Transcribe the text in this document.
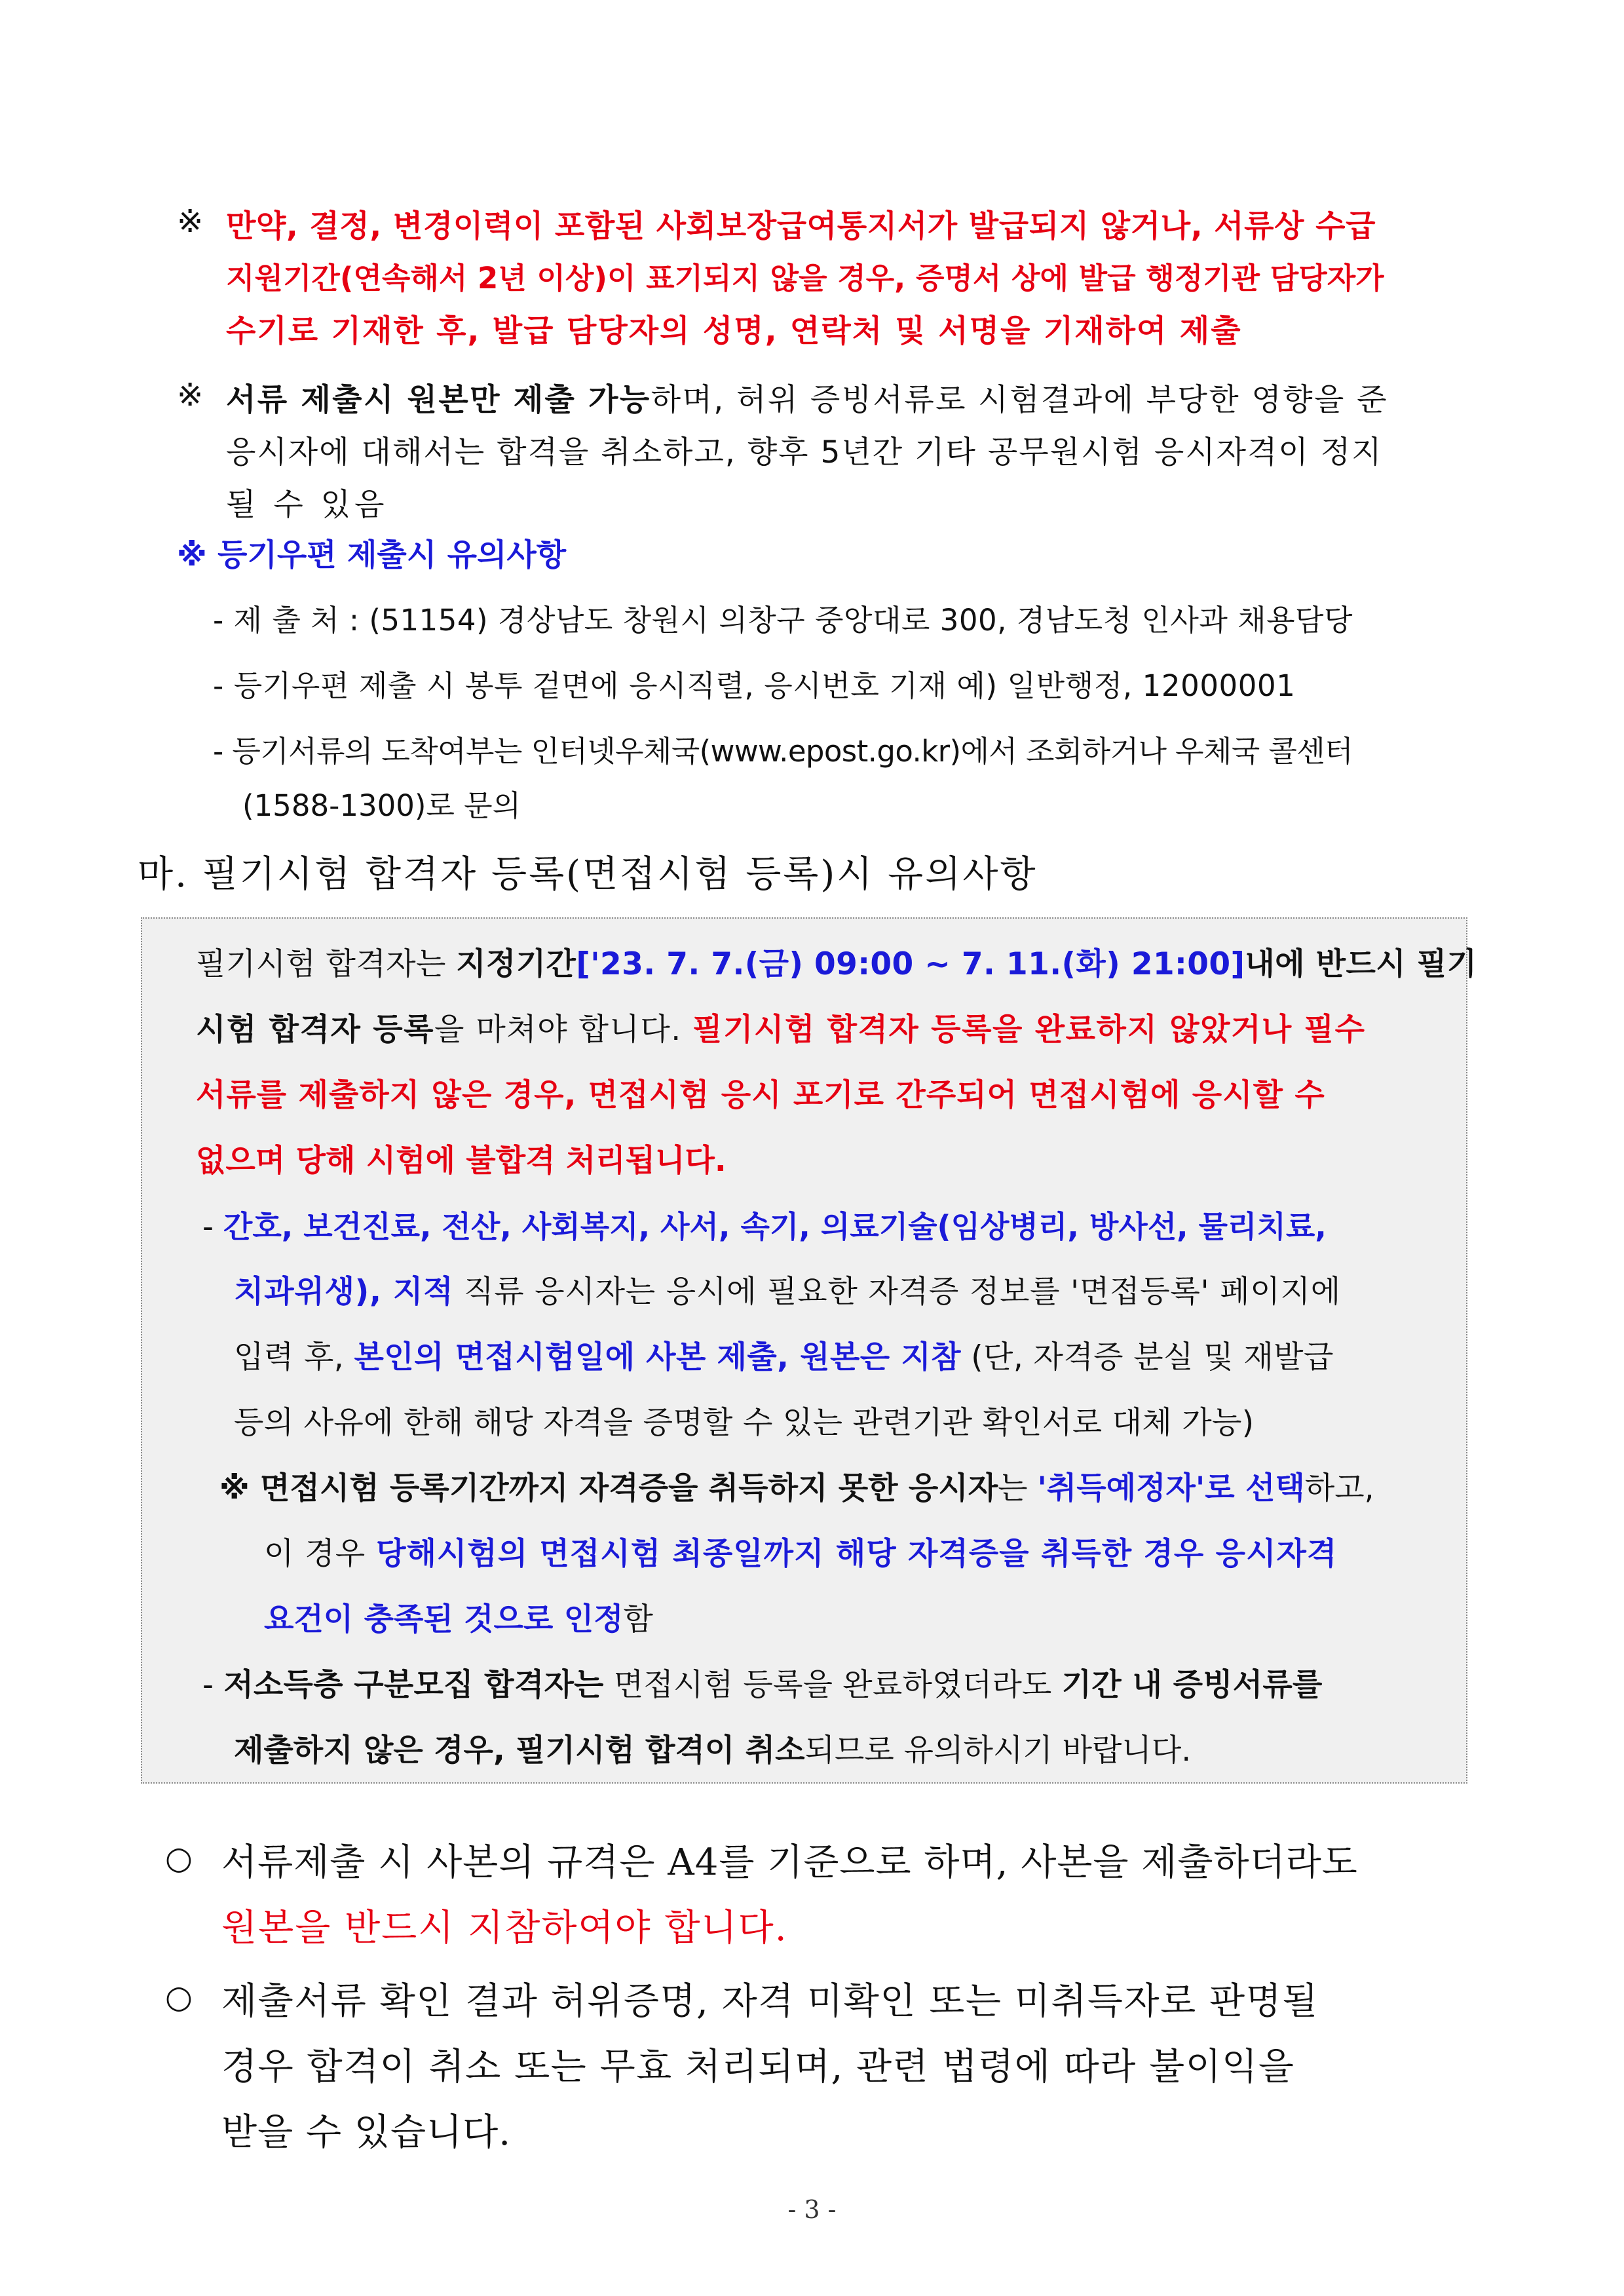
※ 만약, 결정, 변경이력이 포함된 사회보장급여통지서가 발급되지 않거나, 서류상 수급
지원기간(연속해서 2년 이상)이 표기되지 않을 경우, 증명서 상에 발급 행정기관 담당자가
수기로 기재한 후, 발급 담당자의 성명, 연락처 및 서명을 기재하여 제출
※ 서류 제출시 원본만 제출 가능하며, 허위 증빙서류로 시험결과에 부당한 영향을 준
응시자에 대해서는 합격을 취소하고, 향후 5년간 기타 공무원시험 응시자격이 정지
될 수 있음
※ 등기우편 제출시 유의사항
- 제 출 처 : (51154) 경상남도 창원시 의창구 중앙대로 300, 경남도청 인사과 채용담당
- 등기우편 제출 시 봉투 겉면에 응시직렬, 응시번호 기재 예) 일반행정, 12000001
- 등기서류의 도착여부는 인터넷우체국(www.epost.go.kr)에서 조회하거나 우체국 콜센터
(1588-1300)로 문의
마. 필기시험 합격자 등록(면접시험 등록)시 유의사항
필기시험 합격자는 지정기간['23. 7. 7.(금) 09:00 ~ 7. 11.(화) 21:00]내에 반드시 필기
시험 합격자 등록을 마쳐야 합니다. 필기시험 합격자 등록을 완료하지 않았거나 필수
서류를 제출하지 않은 경우, 면접시험 응시 포기로 간주되어 면접시험에 응시할 수
없으며 당해 시험에 불합격 처리됩니다.
- 간호, 보건진료, 전산, 사회복지, 사서, 속기, 의료기술(임상병리, 방사선, 물리치료,
치과위생), 지적 직류 응시자는 응시에 필요한 자격증 정보를 '면접등록' 페이지에
입력 후, 본인의 면접시험일에 사본 제출, 원본은 지참 (단, 자격증 분실 및 재발급
등의 사유에 한해 해당 자격을 증명할 수 있는 관련기관 확인서로 대체 가능)
※ 면접시험 등록기간까지 자격증을 취득하지 못한 응시자는 '취득예정자'로 선택하고,
이 경우 당해시험의 면접시험 최종일까지 해당 자격증을 취득한 경우 응시자격
요건이 충족된 것으로 인정함
- 저소득층 구분모집 합격자는 면접시험 등록을 완료하였더라도 기간 내 증빙서류를
제출하지 않은 경우, 필기시험 합격이 취소되므로 유의하시기 바랍니다.
○ 서류제출 시 사본의 규격은 A4를 기준으로 하며, 사본을 제출하더라도
원본을 반드시 지참하여야 합니다.
○ 제출서류 확인 결과 허위증명, 자격 미확인 또는 미취득자로 판명될
경우 합격이 취소 또는 무효 처리되며, 관련 법령에 따라 불이익을
받을 수 있습니다.
- 3 -
